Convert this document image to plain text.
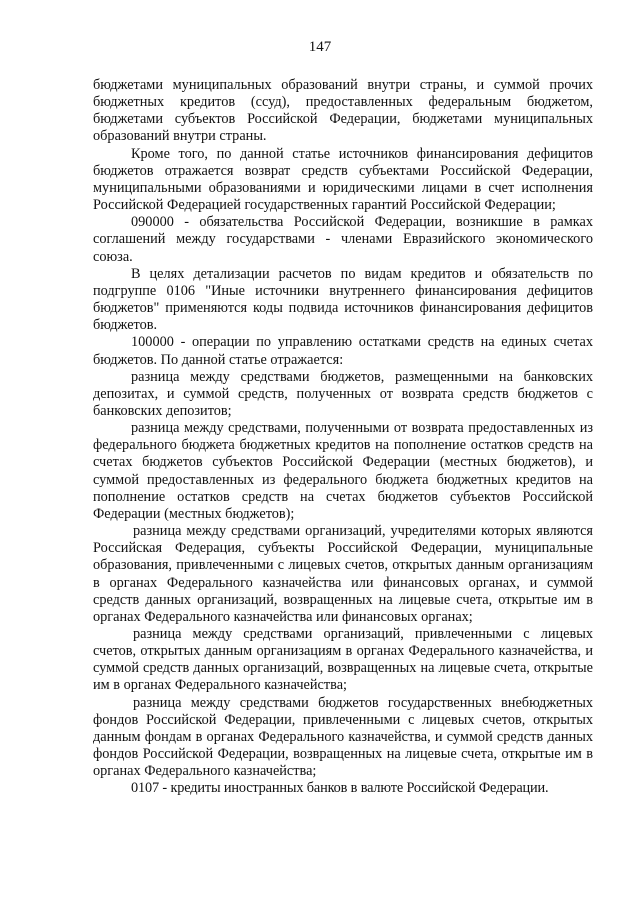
147

бюджетами муниципальных образований внутри страны, и суммой прочих бюджетных кредитов (ссуд), предоставленных федеральным бюджетом, бюджетами субъектов Российской Федерации, бюджетами муниципальных образований внутри страны.

Кроме того, по данной статье источников финансирования дефицитов бюджетов отражается возврат средств субъектами Российской Федерации, муниципальными образованиями и юридическими лицами в счет исполнения Российской Федерацией государственных гарантий Российской Федерации;

090000 - обязательства Российской Федерации, возникшие в рамках соглашений между государствами - членами Евразийского экономического союза.

В целях детализации расчетов по видам кредитов и обязательств по подгруппе 0106 "Иные источники внутреннего финансирования дефицитов бюджетов" применяются коды подвида источников финансирования дефицитов бюджетов.

100000 - операции по управлению остатками средств на единых счетах бюджетов. По данной статье отражается:

разница между средствами бюджетов, размещенными на банковских депозитах, и суммой средств, полученных от возврата средств бюджетов с банковских депозитов;

разница между средствами, полученными от возврата предоставленных из федерального бюджета бюджетных кредитов на пополнение остатков средств на счетах бюджетов субъектов Российской Федерации (местных бюджетов), и суммой предоставленных из федерального бюджета бюджетных кредитов на пополнение остатков средств на счетах бюджетов субъектов Российской Федерации (местных бюджетов);

разница между средствами организаций, учредителями которых являются Российская Федерация, субъекты Российской Федерации, муниципальные образования, привлеченными с лицевых счетов, открытых данным организациям в органах Федерального казначейства или финансовых органах, и суммой средств данных организаций, возвращенных на лицевые счета, открытые им в органах Федерального казначейства или финансовых органах;

разница между средствами организаций, привлеченными с лицевых счетов, открытых данным организациям в органах Федерального казначейства, и суммой средств данных организаций, возвращенных на лицевые счета, открытые им в органах Федерального казначейства;

разница между средствами бюджетов государственных внебюджетных фондов Российской Федерации, привлеченными с лицевых счетов, открытых данным фондам в органах Федерального казначейства, и суммой средств данных фондов Российской Федерации, возвращенных на лицевые счета, открытые им в органах Федерального казначейства;

0107 - кредиты иностранных банков в валюте Российской Федерации.
